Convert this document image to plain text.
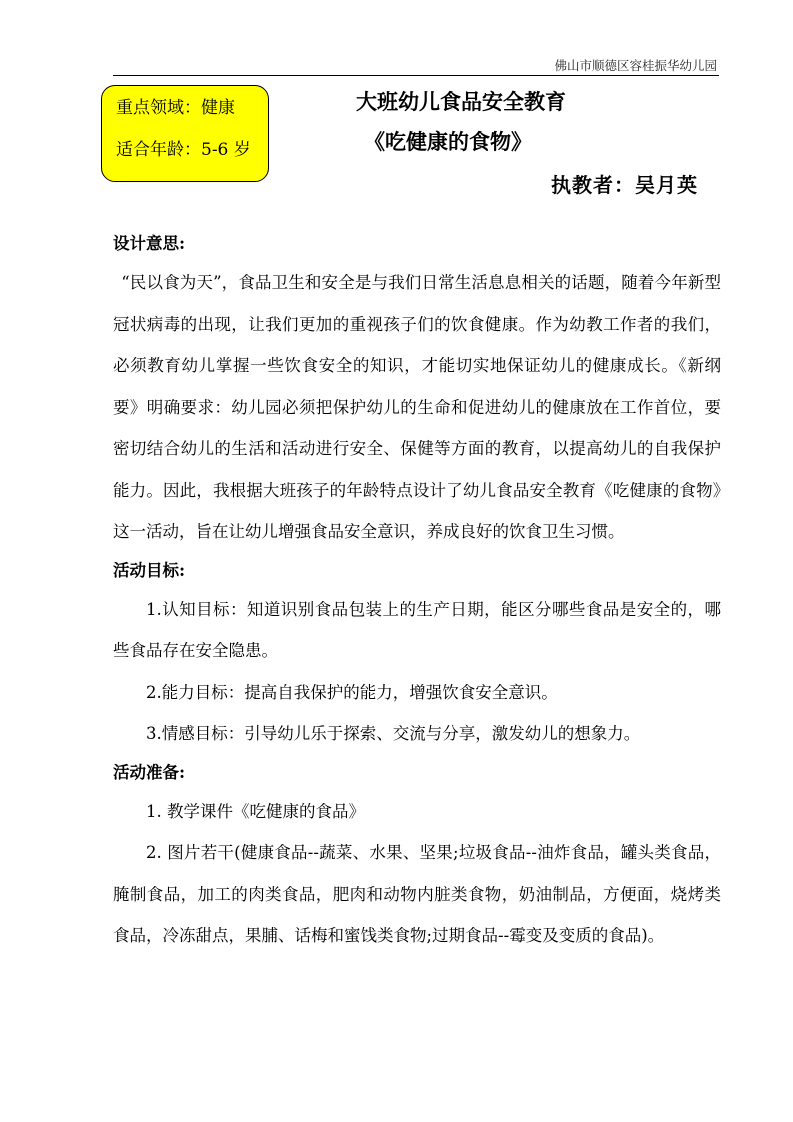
佛山市顺德区容桂振华幼儿园
重点领域：健康
适合年龄：5-6 岁
大班幼儿食品安全教育
《吃健康的食物》
执教者：吴月英
设计意思:

“民以食为天”，食品卫生和安全是与我们日常生活息息相关的话题，随着今年新型冠状病毒的出现，让我们更加的重视孩子们的饮食健康。作为幼教工作者的我们，必须教育幼儿掌握一些饮食安全的知识，才能切实地保证幼儿的健康成长。《新纲要》明确要求：幼儿园必须把保护幼儿的生命和促进幼儿的健康放在工作首位，要密切结合幼儿的生活和活动进行安全、保健等方面的教育，以提高幼儿的自我保护能力。因此，我根据大班孩子的年龄特点设计了幼儿食品安全教育《吃健康的食物》这一活动，旨在让幼儿增强食品安全意识，养成良好的饮食卫生习惯。

活动目标:

1.认知目标：知道识别食品包装上的生产日期，能区分哪些食品是安全的，哪些食品存在安全隐患。

2.能力目标：提高自我保护的能力，增强饮食安全意识。

3.情感目标：引导幼儿乐于探索、交流与分享，激发幼儿的想象力。

活动准备:

1. 教学课件《吃健康的食品》

2. 图片若干(健康食品--蔬菜、水果、坚果;垃圾食品--油炸食品，罐头类食品，腌制食品，加工的肉类食品，肥肉和动物内脏类食物，奶油制品，方便面，烧烤类食品，冷冻甜点，果脯、话梅和蜜饯类食物;过期食品--霉变及变质的食品)。
